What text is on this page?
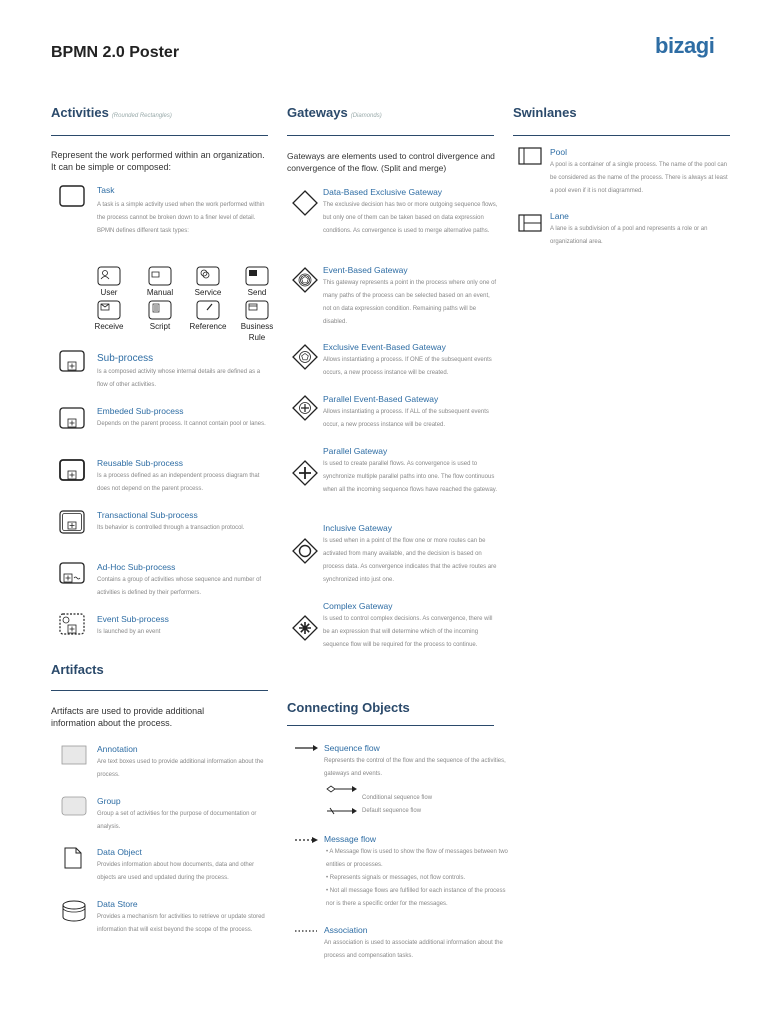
BPMN 2.0 Poster	bizagi
Activities (Rounded Rectangles)
Represent the work performed within an organization. It can be simple or composed:
Task
A task is a simple activity used when the work performed within the process cannot be broken down to a finer level of detail. BPMN defines different task types:
User	Manual	Service	Send
Receive	Script	Reference	Business Rule
Sub-process
Is a composed activity whose internal details are defined as a flow of other activities.
Embeded Sub-process
Depends on the parent process. It cannot contain pool or lanes.
Reusable Sub-process
Is a process defined as an independent process diagram that does not depend on the parent process.
Transactional Sub-process
Its behavior is controlled through a transaction protocol.
Ad-Hoc Sub-process
Contains a group of activities whose sequence and number of activities is defined by their performers.
Event Sub-process
Is launched by an event
Artifacts
Artifacts are used to provide additional information about the process.
Annotation
Are text boxes used to provide additional information about the process.
Group
Group a set of activities for the purpose of documentation or analysis.
Data Object
Provides information about how documents, data and other objects are used and updated during the process.
Data Store
Provides a mechanism for activities to retrieve or update stored information that will exist beyond the scope of the process.
Gateways (Diamonds)
Gateways are elements used to control divergence and convergence of the flow. (Split and merge)
Data-Based Exclusive Gateway
The exclusive decision has two or more outgoing sequence flows, but only one of them can be taken based on data expression conditions. As convergence is used to merge alternative paths.
Event-Based Gateway
This gateway represents a point in the process where only one of many paths of the process can be selected based on an event, not on data expression condition. Remaining paths will be disabled.
Exclusive Event-Based Gateway
Allows instantiating a process. If ONE of the subsequent events occurs, a new process instance will be created.
Parallel Event-Based Gateway
Allows instantiating a process. If ALL of the subsequent events occur, a new process instance will be created.
Parallel Gateway
Is used to create parallel flows. As convergence is used to synchronize multiple parallel paths into one. The flow continuous when all the incoming sequence flows have reached the gateway.
Inclusive Gateway
Is used when in a point of the flow one or more routes can be activated from many available, and the decision is based on process data. As convergence indicates that the active routes are synchronized into just one.
Complex Gateway
Is used to control complex decisions. As convergence, there will be an expression that will determine which of the incoming sequence flow will be required for the process to continue.
Connecting Objects
Sequence flow
Represents the control of the flow and the sequence of the activities, gateways and events.
Conditional sequence flow
Default sequence flow
Message flow
• A Message flow is used to show the flow of messages between two entities or processes.
• Represents signals or messages, not flow controls.
• Not all message flows are fulfilled for each instance of the process nor is there a specific order for the messages.
Association
An association is used to associate additional information about the process and compensation tasks.
Swinlanes
Pool
A pool is a container of a single process. The name of the pool can be considered as the name of the process. There is always at least a pool even if it is not diagrammed.
Lane
A lane is a subdivision of a pool and represents a role or an organizational area.
